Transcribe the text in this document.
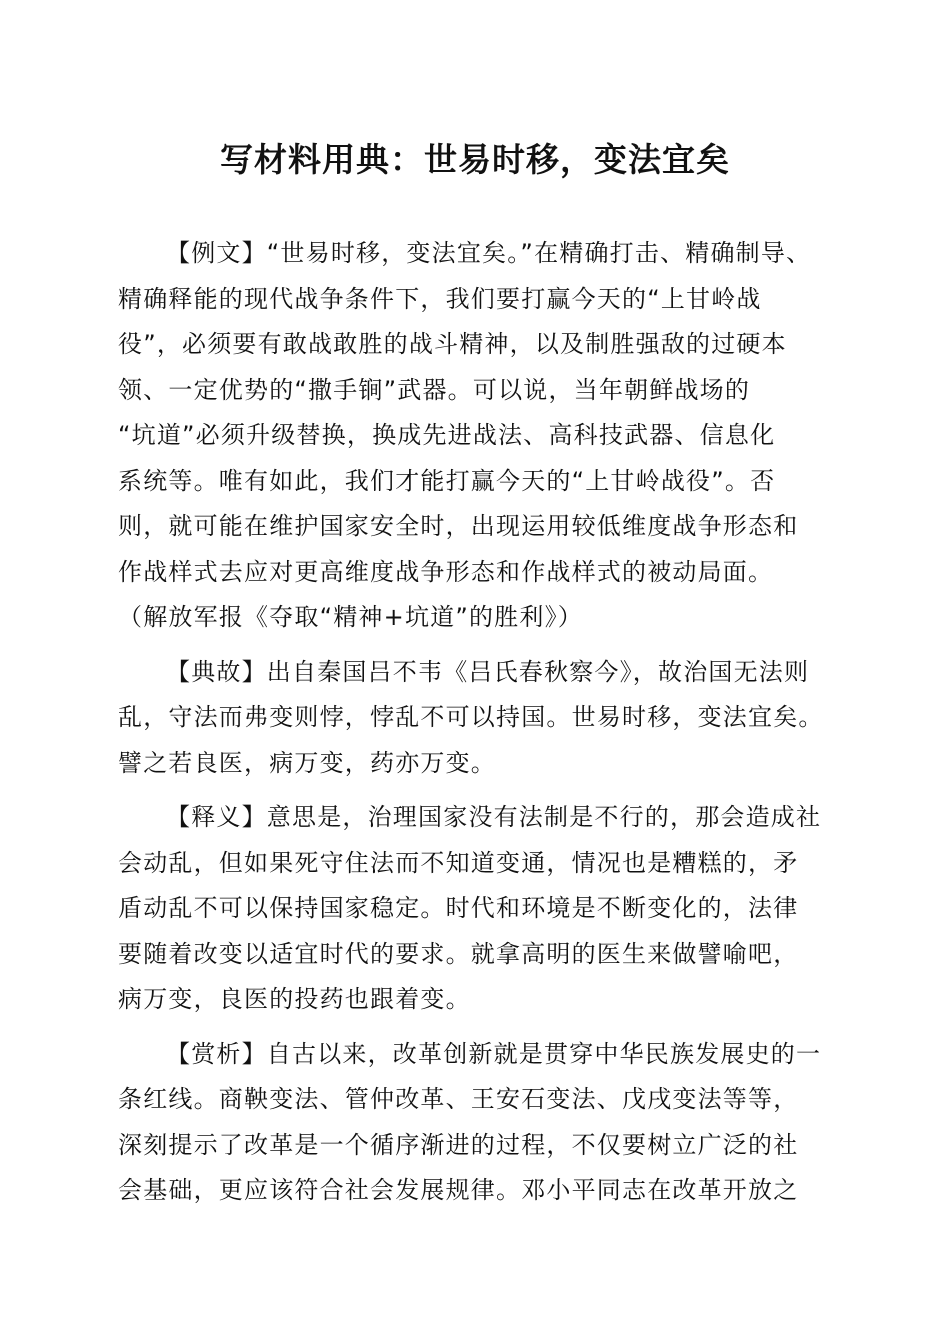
写材料用典：世易时移，变法宜矣

【例文】“世易时移，变法宜矣。”在精确打击、精确制导、
精确释能的现代战争条件下，我们要打赢今天的“上甘岭战
役”，必须要有敢战敢胜的战斗精神，以及制胜强敌的过硬本
领、一定优势的“撒手锏”武器。可以说，当年朝鲜战场的
“坑道”必须升级替换，换成先进战法、高科技武器、信息化
系统等。唯有如此，我们才能打赢今天的“上甘岭战役”。否
则，就可能在维护国家安全时，出现运用较低维度战争形态和
作战样式去应对更高维度战争形态和作战样式的被动局面。
（解放军报《夺取“精神+坑道”的胜利》）

【典故】出自秦国吕不韦《吕氏春秋察今》，故治国无法则
乱，守法而弗变则悖，悖乱不可以持国。世易时移，变法宜矣。
譬之若良医，病万变，药亦万变。

【释义】意思是，治理国家没有法制是不行的，那会造成社
会动乱，但如果死守住法而不知道变通，情况也是糟糕的，矛
盾动乱不可以保持国家稳定。时代和环境是不断变化的，法律
要随着改变以适宜时代的要求。就拿高明的医生来做譬喻吧，
病万变，良医的投药也跟着变。

【赏析】自古以来，改革创新就是贯穿中华民族发展史的一
条红线。商鞅变法、管仲改革、王安石变法、戊戌变法等等，
深刻提示了改革是一个循序渐进的过程，不仅要树立广泛的社
会基础，更应该符合社会发展规律。邓小平同志在改革开放之
